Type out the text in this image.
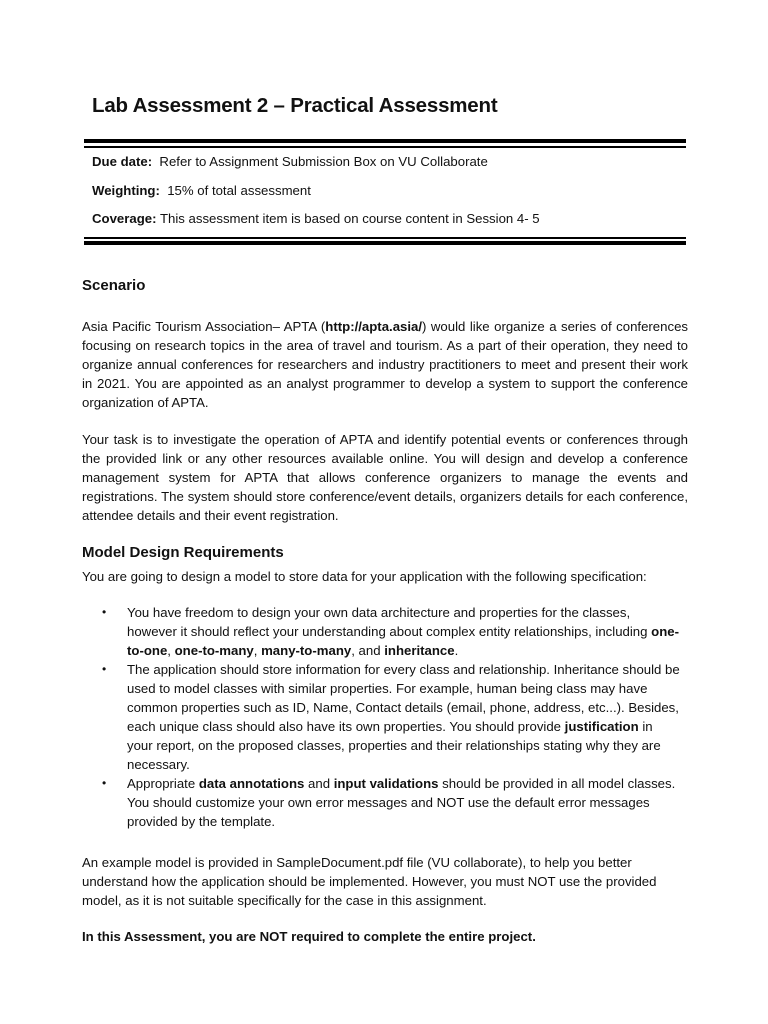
Lab Assessment 2 – Practical Assessment
Due date: Refer to Assignment Submission Box on VU Collaborate
Weighting: 15% of total assessment
Coverage: This assessment item is based on course content in Session 4- 5
Scenario
Asia Pacific Tourism Association– APTA (http://apta.asia/) would like organize a series of conferences focusing on research topics in the area of travel and tourism. As a part of their operation, they need to organize annual conferences for researchers and industry practitioners to meet and present their work in 2021. You are appointed as an analyst programmer to develop a system to support the conference organization of APTA.
Your task is to investigate the operation of APTA and identify potential events or conferences through the provided link or any other resources available online. You will design and develop a conference management system for APTA that allows conference organizers to manage the events and registrations. The system should store conference/event details, organizers details for each conference, attendee details and their event registration.
Model Design Requirements
You are going to design a model to store data for your application with the following specification:
• You have freedom to design your own data architecture and properties for the classes, however it should reflect your understanding about complex entity relationships, including one-to-one, one-to-many, many-to-many, and inheritance.
• The application should store information for every class and relationship. Inheritance should be used to model classes with similar properties. For example, human being class may have common properties such as ID, Name, Contact details (email, phone, address, etc...). Besides, each unique class should also have its own properties. You should provide justification in your report, on the proposed classes, properties and their relationships stating why they are necessary.
• Appropriate data annotations and input validations should be provided in all model classes. You should customize your own error messages and NOT use the default error messages provided by the template.
An example model is provided in SampleDocument.pdf file (VU collaborate), to help you better understand how the application should be implemented. However, you must NOT use the provided model, as it is not suitable specifically for the case in this assignment.
In this Assessment, you are NOT required to complete the entire project.
